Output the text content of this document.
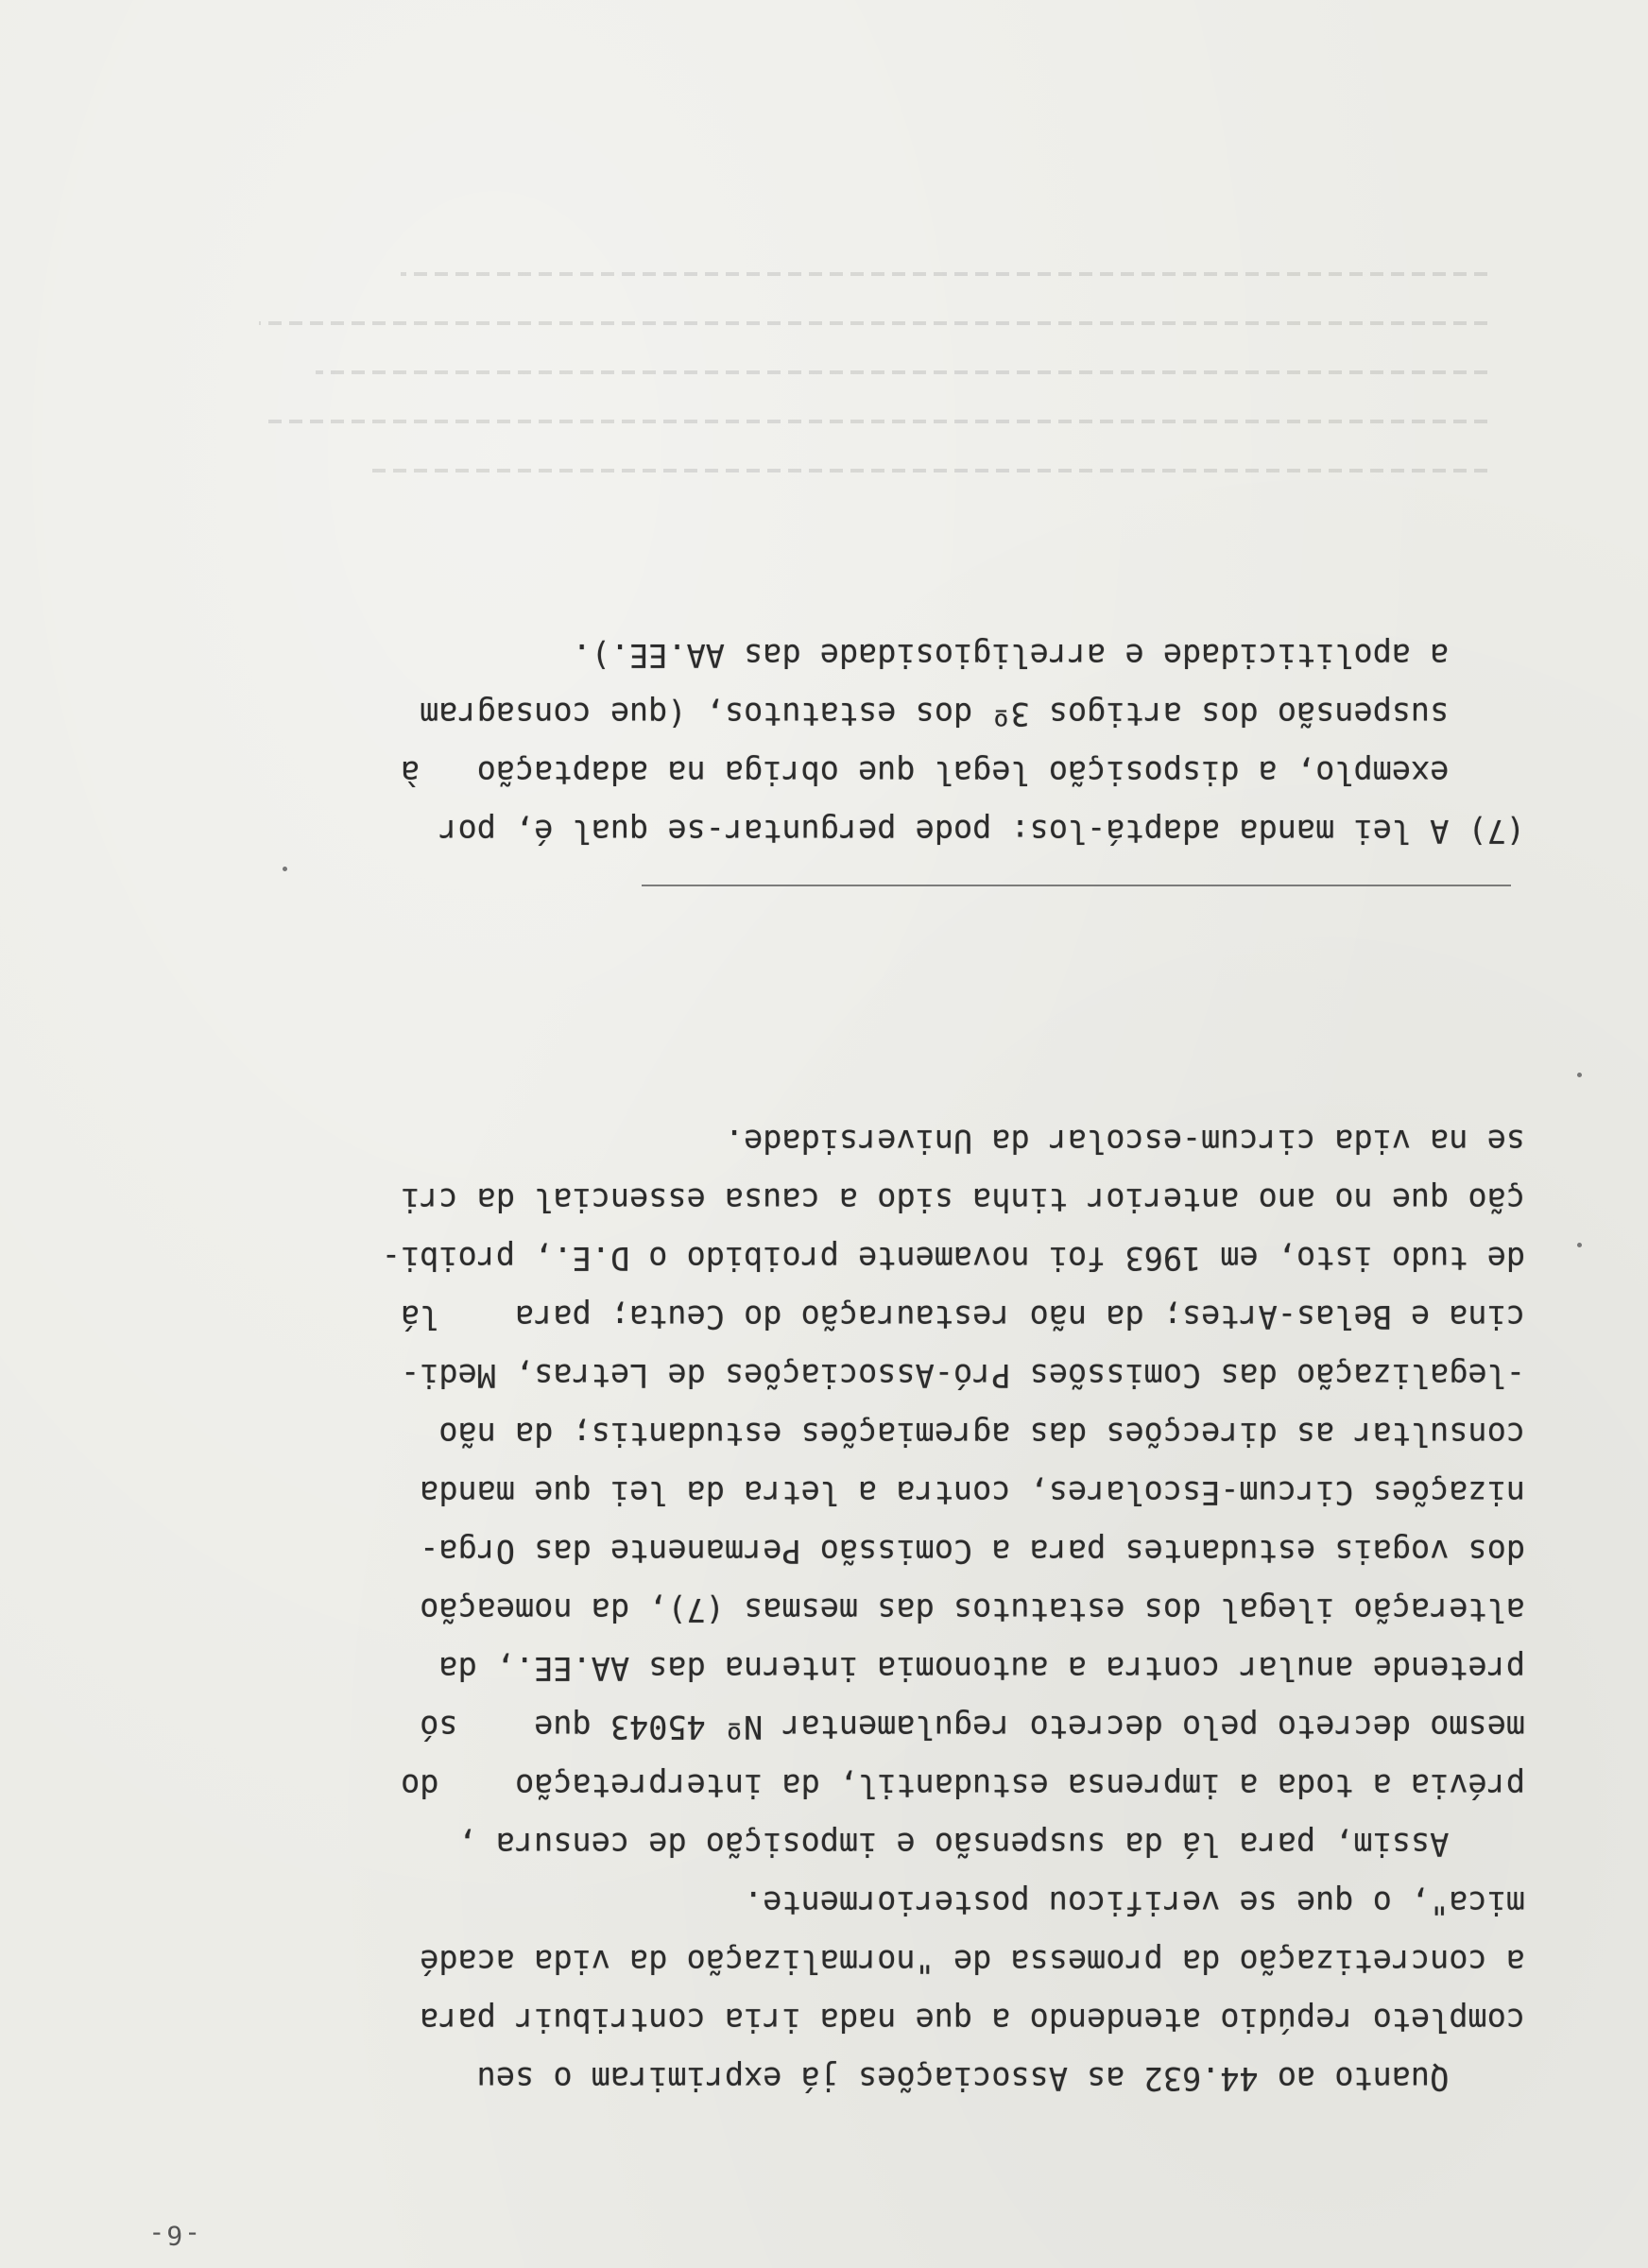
-6-
Quanto ao 44.632 as Associações já exprimiram o seu
completo repúdio atendendo a que nada iria contribuir para
a concretização da promessa de "normalização da vida acadé
mica", o que se verificou posteriormente.
Assim, para lá da suspensão e imposição de censura ,
prévia a toda a imprensa estudantil, da interpretação    do
mesmo decreto pelo decreto regulamentar Nº 45043 que    só
pretende anular contra a autonomia interna das AA.EE., da
alteração ilegal dos estatutos das mesmas (7), da nomeação
dos vogais estudantes para a Comissão Permanente das Orga-
nizações Circum-Escolares, contra a letra da lei que manda
consultar as direcções das agremiações estudantis; da não
-legalização das Comissões Pró-Associações de Letras, Medi-
cina e Belas-Artes; da não restauração do Ceuta; para    lá
de tudo isto, em 1963 foi novamente proibido o D.E., proibi-
ção que no ano anterior tinha sido a causa essencial da cri
se na vida circum-escolar da Universidade.
(7) A lei manda adaptá-los: pode perguntar-se qual é, por
exemplo, a disposição legal que obriga na adaptação   à
suspensão dos artigos 3º dos estatutos, (que consagram
a apoliticidade e arreligiosidade das AA.EE.).
